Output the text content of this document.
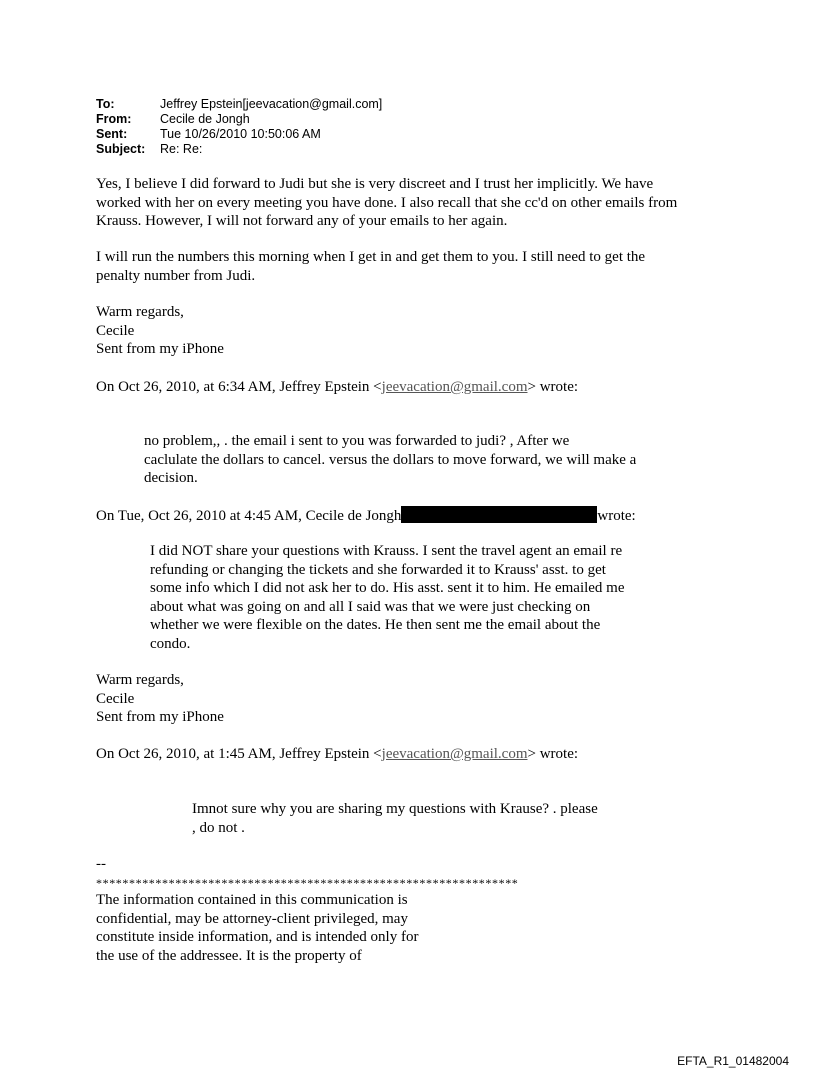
To:	Jeffrey Epstein[jeevacation@gmail.com]
From:	Cecile de Jongh
Sent:	Tue 10/26/2010 10:50:06 AM
Subject:	Re: Re:

Yes, I believe I did forward to Judi but she is very discreet and I trust her implicitly. We have

worked with her on every meeting you have done. I also recall that she cc'd on other emails from

Krauss. However, I will not forward any of your emails to her again.

I will run the numbers this morning when I get in and get them to you. I still need to get the

penalty number from Judi.

Warm regards,

Cecile

Sent from my iPhone

On Oct 26, 2010, at 6:34 AM, Jeffrey Epstein <jeevacation@gmail.com> wrote:

no problem,, . the email i sent to you was forwarded to judi? , After we

caclulate the dollars to cancel. versus the dollars to move forward, we will make a

decision.

On Tue, Oct 26, 2010 at 4:45 AM, Cecile de Jongh	wrote:

I did NOT share your questions with Krauss. I sent the travel agent an email re

refunding or changing the tickets and she forwarded it to Krauss' asst. to get

some info which I did not ask her to do. His asst. sent it to him. He emailed me

about what was going on and all I said was that we were just checking on

whether we were flexible on the dates. He then sent me the email about the

condo.

Warm regards,

Cecile

Sent from my iPhone

On Oct 26, 2010, at 1:45 AM, Jeffrey Epstein <jeevacation@gmail.com> wrote:

Imnot sure why you are sharing my questions with Krause? . please

, do not .

--

****************************************************************

The information contained in this communication is

confidential, may be attorney-client privileged, may

constitute inside information, and is intended only for

the use of the addressee. It is the property of

EFTA_R1_01482004
